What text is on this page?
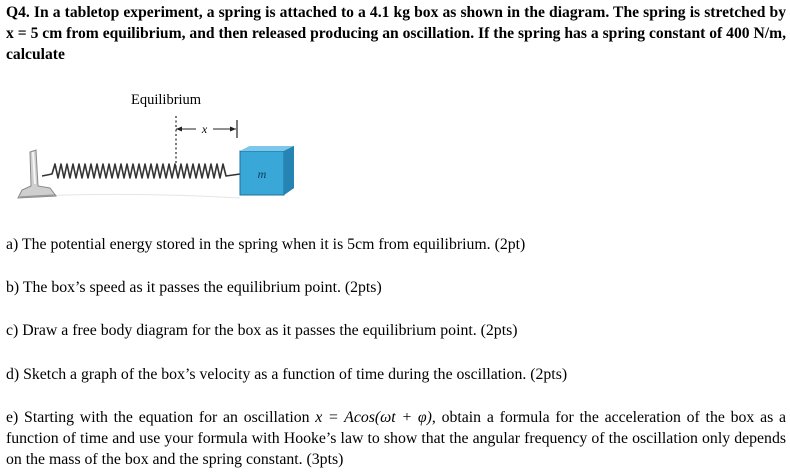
Q4. In a tabletop experiment, a spring is attached to a 4.1 kg box as shown in the diagram. The spring is stretched by x = 5 cm from equilibrium, and then released producing an oscillation. If the spring has a spring constant of 400 N/m, calculate
Equilibrium
x
m
a) The potential energy stored in the spring when it is 5cm from equilibrium. (2pt)
b) The box’s speed as it passes the equilibrium point. (2pts)
c) Draw a free body diagram for the box as it passes the equilibrium point. (2pts)
d) Sketch a graph of the box’s velocity as a function of time during the oscillation. (2pts)
e) Starting with the equation for an oscillation x = Acos(ωt + φ), obtain a formula for the acceleration of the box as a function of time and use your formula with Hooke’s law to show that the angular frequency of the oscillation only depends on the mass of the box and the spring constant. (3pts)
